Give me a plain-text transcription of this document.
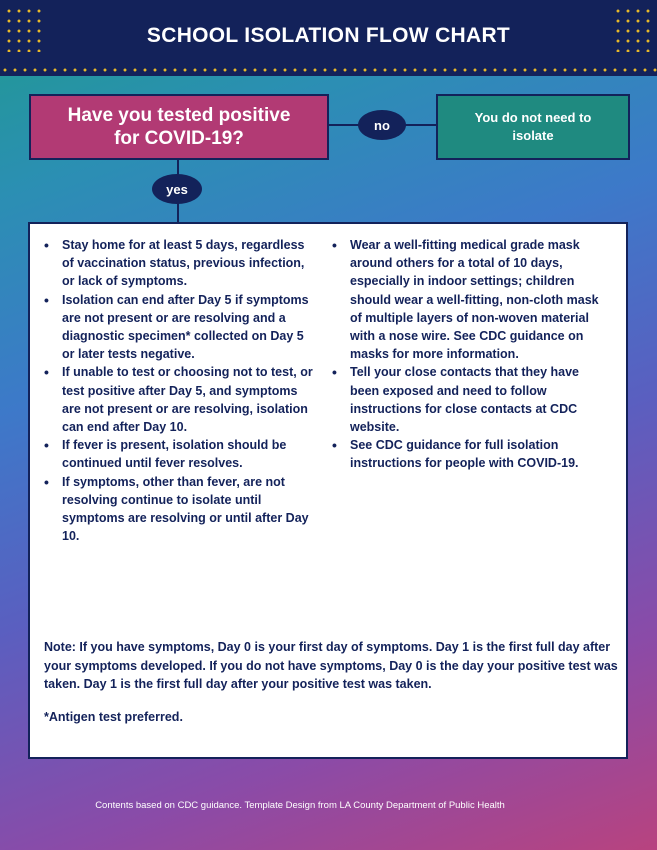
SCHOOL ISOLATION FLOW CHART
Have you tested positive for COVID-19?
no	You do not need to isolate
yes
• Stay home for at least 5 days, regardless of vaccination status, previous infection, or lack of symptoms.
• Isolation can end after Day 5 if symptoms are not present or are resolving and a diagnostic specimen* collected on Day 5 or later tests negative.
• If unable to test or choosing not to test, or test positive after Day 5, and symptoms are not present or are resolving, isolation can end after Day 10.
• If fever is present, isolation should be continued until fever resolves.
• If symptoms, other than fever, are not resolving continue to isolate until symptoms are resolving or until after Day 10.
• Wear a well-fitting medical grade mask around others for a total of 10 days, especially in indoor settings; children should wear a well-fitting, non-cloth mask of multiple layers of non-woven material with a nose wire. See CDC guidance on masks for more information.
• Tell your close contacts that they have been exposed and need to follow instructions for close contacts at CDC website.
• See CDC guidance for full isolation instructions for people with COVID-19.
Note: If you have symptoms, Day 0 is your first day of symptoms. Day 1 is the first full day after your symptoms developed. If you do not have symptoms, Day 0 is the day your positive test was taken. Day 1 is the first full day after your positive test was taken.
*Antigen test preferred.
Contents based on CDC guidance. Template Design from LA County Department of Public Health
